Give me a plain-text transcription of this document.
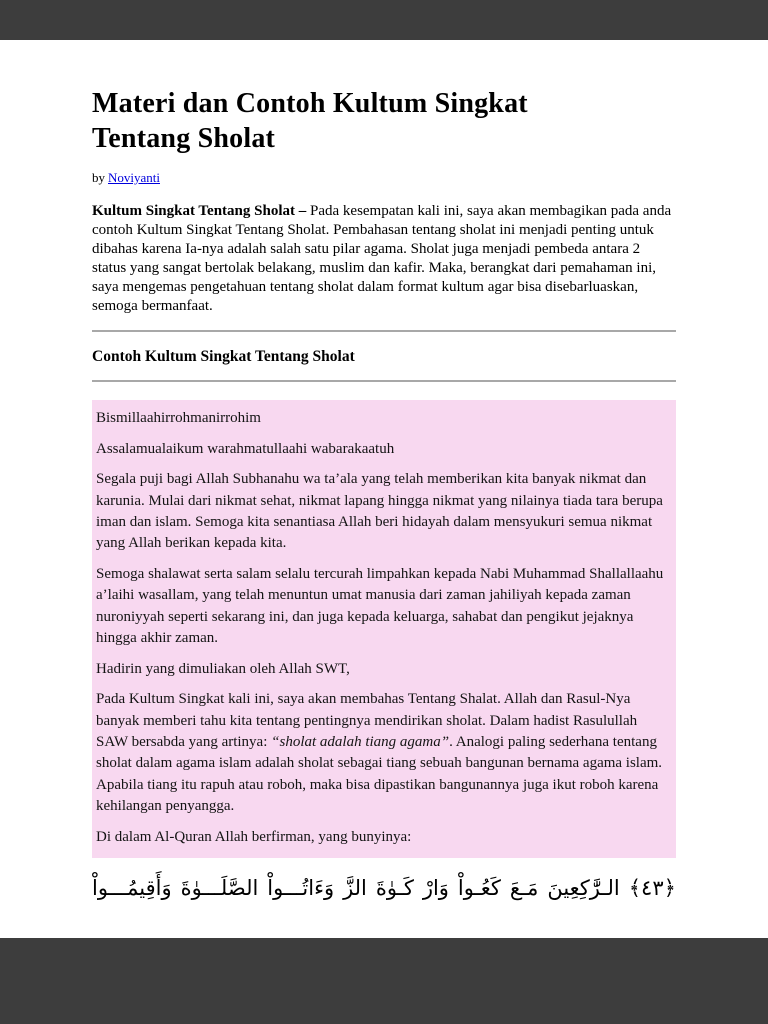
Materi dan Contoh Kultum Singkat Tentang Sholat

by Noviyanti

Kultum Singkat Tentang Sholat – Pada kesempatan kali ini, saya akan membagikan pada anda contoh Kultum Singkat Tentang Sholat. Pembahasan tentang sholat ini menjadi penting untuk dibahas karena Ia-nya adalah salah satu pilar agama. Sholat juga menjadi pembeda antara 2 status yang sangat bertolak belakang, muslim dan kafir. Maka, berangkat dari pemahaman ini, saya mengemas pengetahuan tentang sholat dalam format kultum agar bisa disebarluaskan, semoga bermanfaat.

Contoh Kultum Singkat Tentang Sholat

Bismillaahirrohmanirrohim

Assalamualaikum warahmatullaahi wabarakaatuh

Segala puji bagi Allah Subhanahu wa ta’ala yang telah memberikan kita banyak nikmat dan karunia. Mulai dari nikmat sehat, nikmat lapang hingga nikmat yang nilainya tiada tara berupa iman dan islam. Semoga kita senantiasa Allah beri hidayah dalam mensyukuri semua nikmat yang Allah berikan kepada kita.

Semoga shalawat serta salam selalu tercurah limpahkan kepada Nabi Muhammad Shallallaahu a’laihi wasallam, yang telah menuntun umat manusia dari zaman jahiliyah kepada zaman nuroniyyah seperti sekarang ini, dan juga kepada keluarga, sahabat dan pengikut jejaknya hingga akhir zaman.

Hadirin yang dimuliakan oleh Allah SWT,

Pada Kultum Singkat kali ini, saya akan membahas Tentang Shalat. Allah dan Rasul-Nya banyak memberi tahu kita tentang pentingnya mendirikan sholat. Dalam hadist Rasulullah SAW bersabda yang artinya: “sholat adalah tiang agama”. Analogi paling sederhana tentang sholat dalam agama islam adalah sholat sebagai tiang sebuah bangunan bernama agama islam. Apabila tiang itu rapuh atau roboh, maka bisa dipastikan bangunannya juga ikut roboh karena kehilangan penyangga.

Di dalam Al-Quran Allah berfirman, yang bunyinya:

وَأَقِيمُـــواْ الصَّلَـــوٰةَ وَءَاتُـــواْ الزَّ كَـوٰةَ وَارْ كَعُـواْ مَـعَ الـرَّٰكِعِينَ ﴿٤٣﴾
